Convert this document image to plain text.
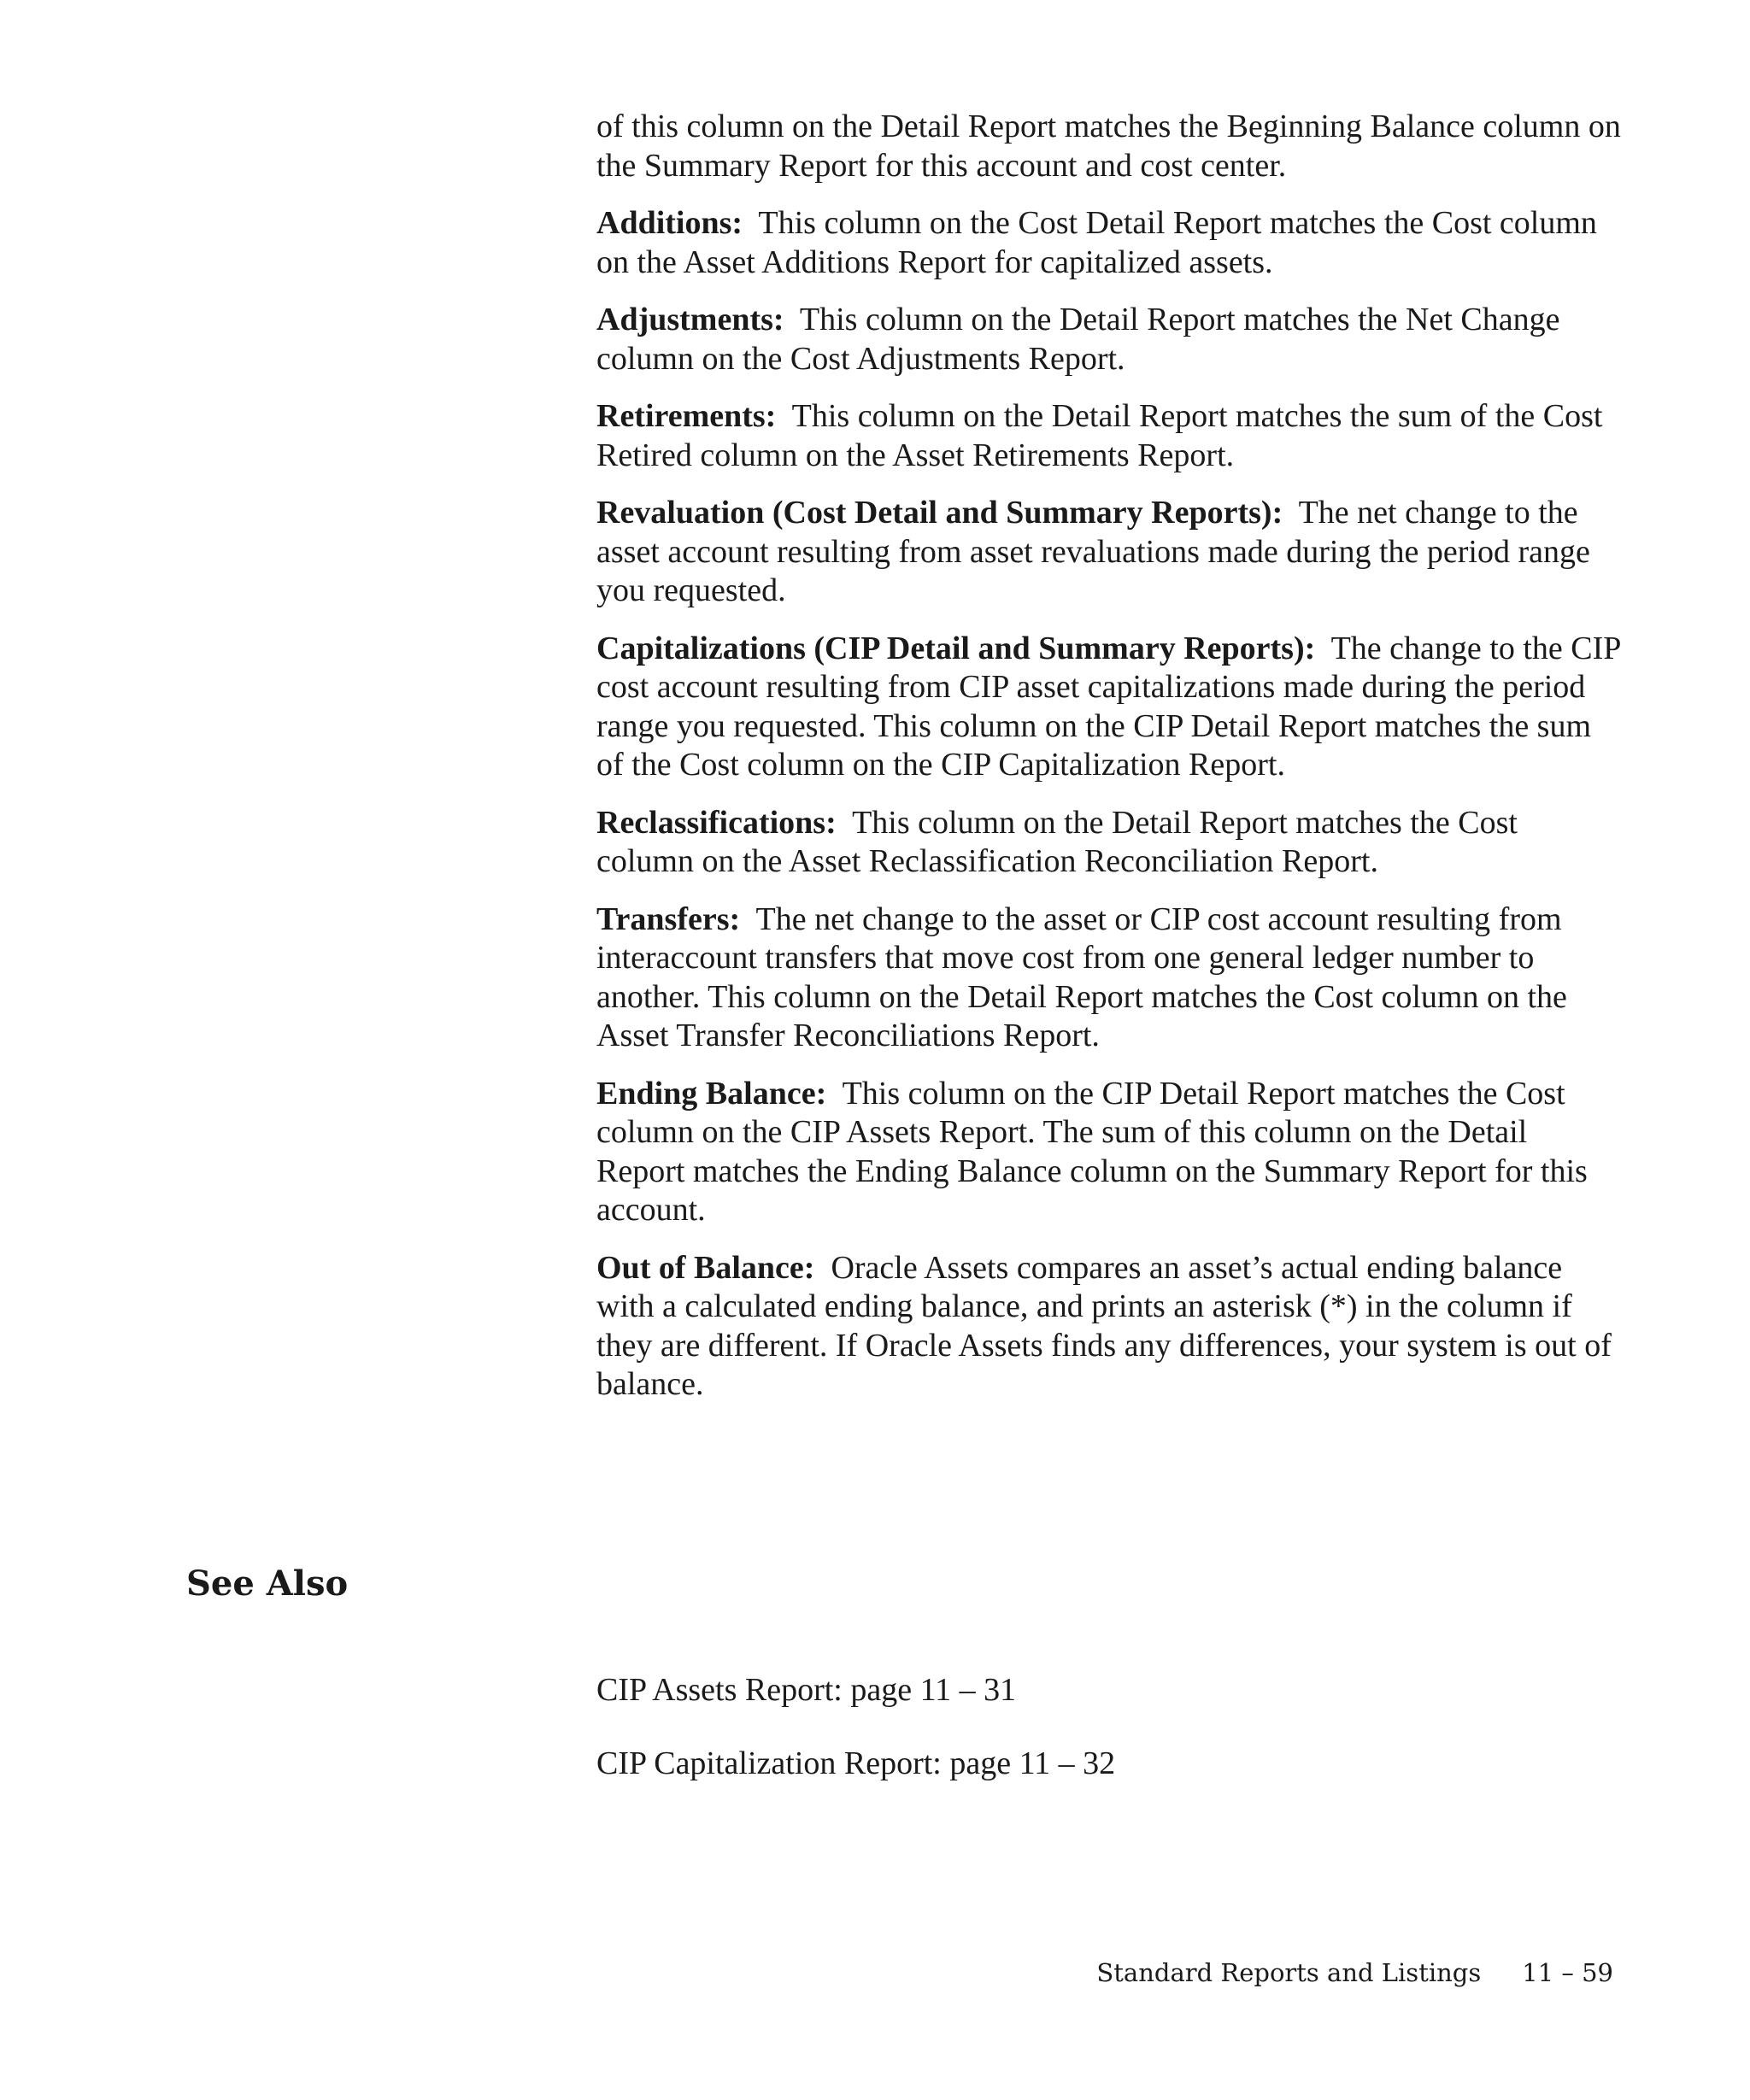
of this column on the Detail Report matches the Beginning Balance column on the Summary Report for this account and cost center.

Additions: This column on the Cost Detail Report matches the Cost column on the Asset Additions Report for capitalized assets.

Adjustments: This column on the Detail Report matches the Net Change column on the Cost Adjustments Report.

Retirements: This column on the Detail Report matches the sum of the Cost Retired column on the Asset Retirements Report.

Revaluation (Cost Detail and Summary Reports): The net change to the asset account resulting from asset revaluations made during the period range you requested.

Capitalizations (CIP Detail and Summary Reports): The change to the CIP cost account resulting from CIP asset capitalizations made during the period range you requested. This column on the CIP Detail Report matches the sum of the Cost column on the CIP Capitalization Report.

Reclassifications: This column on the Detail Report matches the Cost column on the Asset Reclassification Reconciliation Report.

Transfers: The net change to the asset or CIP cost account resulting from interaccount transfers that move cost from one general ledger number to another. This column on the Detail Report matches the Cost column on the Asset Transfer Reconciliations Report.

Ending Balance: This column on the CIP Detail Report matches the Cost column on the CIP Assets Report. The sum of this column on the Detail Report matches the Ending Balance column on the Summary Report for this account.

Out of Balance: Oracle Assets compares an asset’s actual ending balance with a calculated ending balance, and prints an asterisk (*) in the column if they are different. If Oracle Assets finds any differences, your system is out of balance.

See Also
CIP Assets Report: page 11 – 31
CIP Capitalization Report: page 11 – 32
Standard Reports and Listings 11 – 59
